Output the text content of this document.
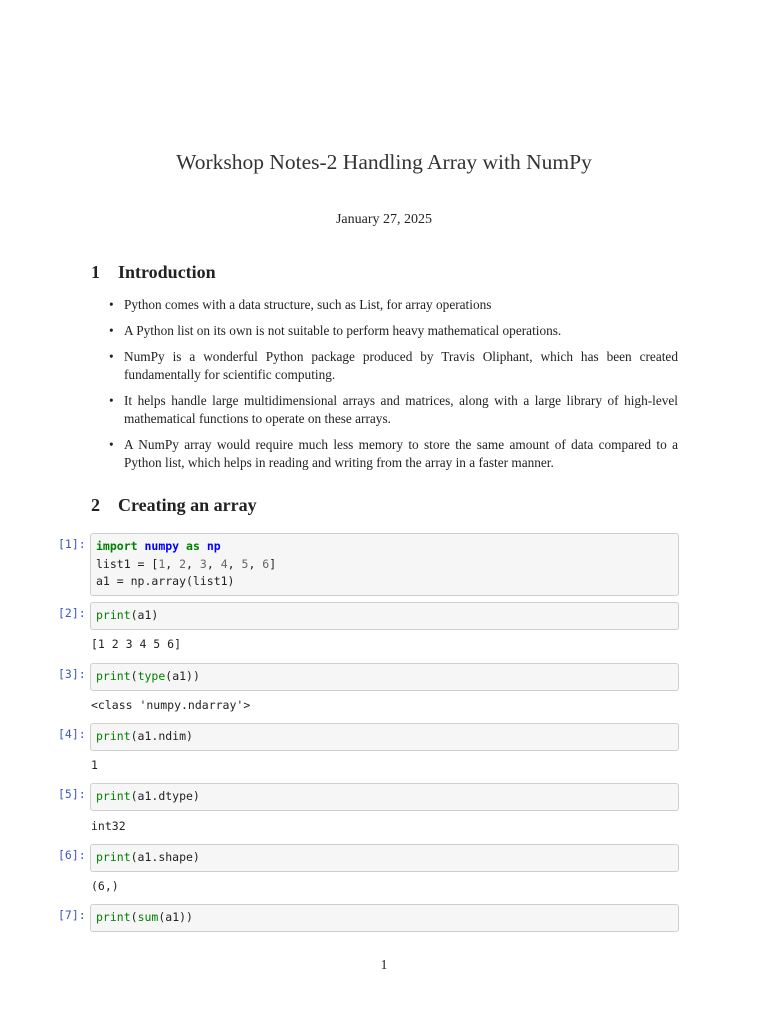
Workshop Notes-2 Handling Array with NumPy
January 27, 2025
1 Introduction
• Python comes with a data structure, such as List, for array operations
• A Python list on its own is not suitable to perform heavy mathematical operations.
• NumPy is a wonderful Python package produced by Travis Oliphant, which has been created fundamentally for scientific computing.
• It helps handle large multidimensional arrays and matrices, along with a large library of high-level mathematical functions to operate on these arrays.
• A NumPy array would require much less memory to store the same amount of data compared to a Python list, which helps in reading and writing from the array in a faster manner.
2 Creating an array
[1]: import numpy as np
list1 = [1, 2, 3, 4, 5, 6]
a1 = np.array(list1)
[2]: print(a1)
[1 2 3 4 5 6]
[3]: print(type(a1))
<class 'numpy.ndarray'>
[4]: print(a1.ndim)
1
[5]: print(a1.dtype)
int32
[6]: print(a1.shape)
(6,)
[7]: print(sum(a1))
1
